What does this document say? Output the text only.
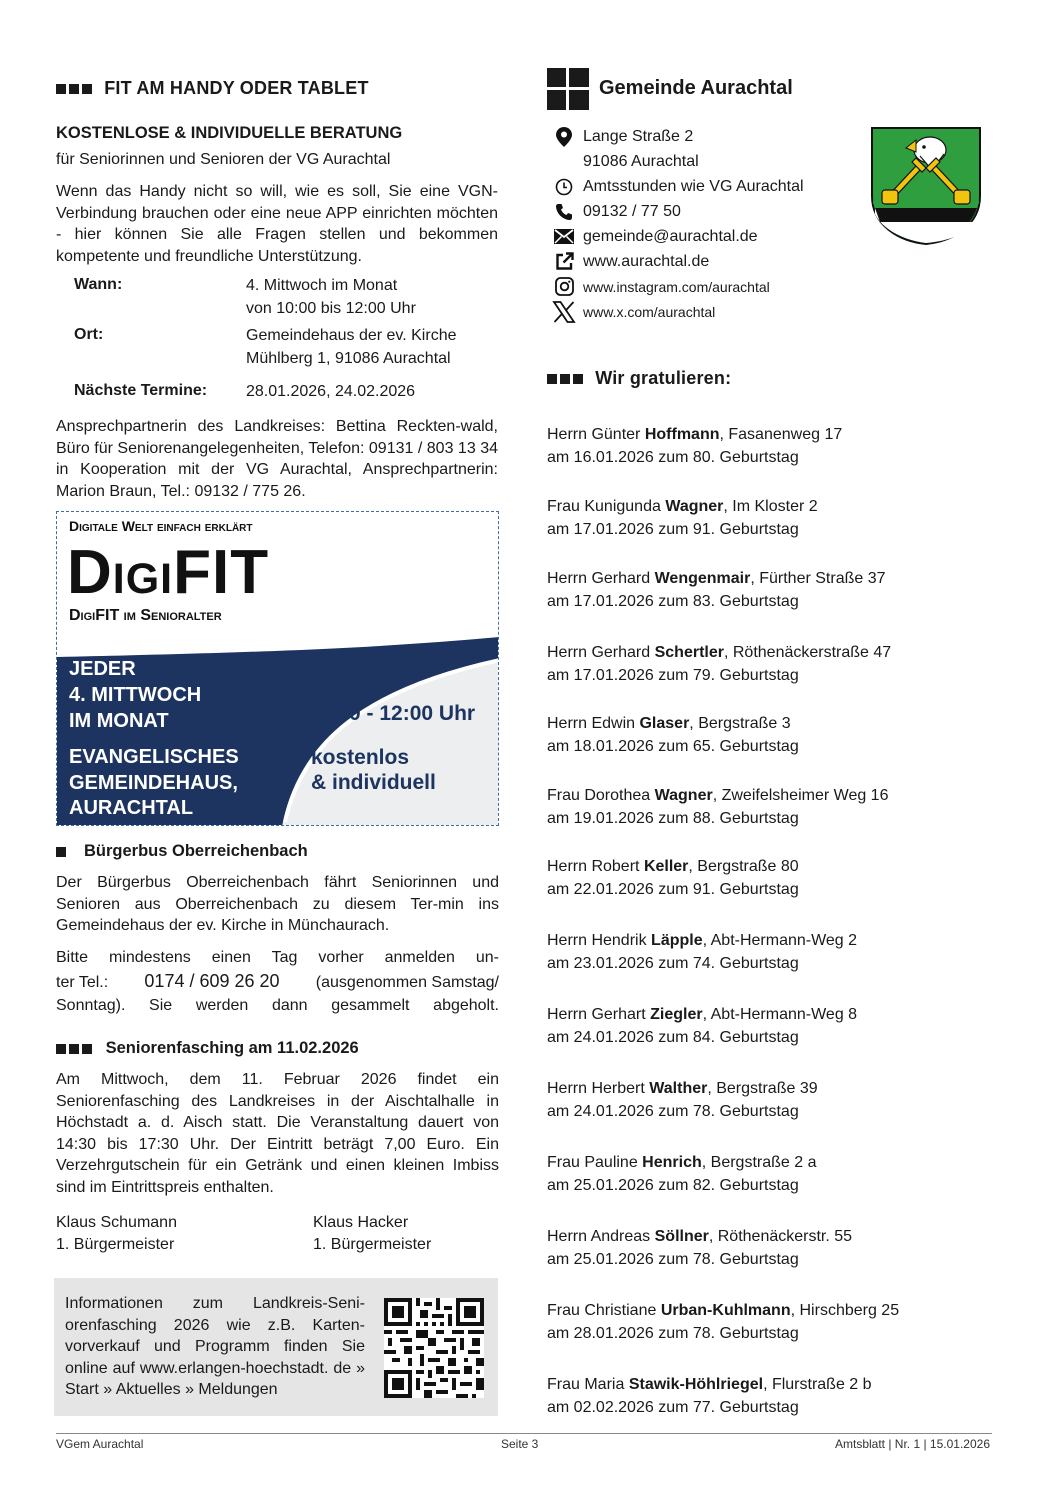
FIT AM HANDY ODER TABLET
KOSTENLOSE & INDIVIDUELLE BERATUNG
für Seniorinnen und Senioren der VG Aurachtal
Wenn das Handy nicht so will, wie es soll, Sie eine VGN-Verbindung brauchen oder eine neue APP einrichten möchten - hier können Sie alle Fragen stellen und bekommen kompetente und freundliche Unterstützung.
Wann:	4. Mittwoch im Monat
von 10:00 bis 12:00 Uhr
Ort:	Gemeindehaus der ev. Kirche
Mühlberg 1, 91086 Aurachtal
Nächste Termine: 28.01.2026, 24.02.2026
Ansprechpartnerin des Landkreises: Bettina Reckten-wald, Büro für Seniorenangelegenheiten, Telefon: 09131 / 803 13 34 in Kooperation mit der VG Aurachtal, Ansprechpartnerin: Marion Braun, Tel.: 09132 / 775 26.
Digitale Welt einfach erklärt
DigiFIT
DigiFIT im Senioralter
JEDER
4. MITTWOCH
IM MONAT
EVANGELISCHES
GEMEINDEHAUS,
AURACHTAL
10:00 - 12:00 Uhr
kostenlos
& individuell
Bürgerbus Oberreichenbach
Der Bürgerbus Oberreichenbach fährt Seniorinnen und Senioren aus Oberreichenbach zu diesem Ter-min ins Gemeindehaus der ev. Kirche in Münchaurach.
Bitte mindestens einen Tag vorher anmelden un-
ter Tel.: 0174 / 609 26 20 (ausgenommen Samstag/
Sonntag). Sie werden dann gesammelt abgeholt.
Seniorenfasching am 11.02.2026
Am Mittwoch, dem 11. Februar 2026 findet ein Seniorenfasching des Landkreises in der Aischtalhalle in Höchstadt a. d. Aisch statt. Die Veranstaltung dauert von 14:30 bis 17:30 Uhr. Der Eintritt beträgt 7,00 Euro. Ein Verzehrgutschein für ein Getränk und einen kleinen Imbiss sind im Eintrittspreis enthalten.
Klaus Schumann
1. Bürgermeister
Klaus Hacker
1. Bürgermeister
Informationen zum Landkreis-Seni-orenfasching 2026 wie z.B. Karten-vorverkauf und Programm finden Sie online auf www.erlangen-hoechstadt. de » Start » Aktuelles » Meldungen
Gemeinde Aurachtal
Lange Straße 2
91086 Aurachtal
Amtsstunden wie VG Aurachtal
09132 / 77 50
gemeinde@aurachtal.de
www.aurachtal.de
www.instagram.com/aurachtal
www.x.com/aurachtal
Wir gratulieren:
Herrn Günter Hoffmann, Fasanenweg 17
am 16.01.2026 zum 80. Geburtstag
Frau Kunigunda Wagner, Im Kloster 2
am 17.01.2026 zum 91. Geburtstag
Herrn Gerhard Wengenmair, Fürther Straße 37
am 17.01.2026 zum 83. Geburtstag
Herrn Gerhard Schertler, Röthenäckerstraße 47
am 17.01.2026 zum 79. Geburtstag
Herrn Edwin Glaser, Bergstraße 3
am 18.01.2026 zum 65. Geburtstag
Frau Dorothea Wagner, Zweifelsheimer Weg 16
am 19.01.2026 zum 88. Geburtstag
Herrn Robert Keller, Bergstraße 80
am 22.01.2026 zum 91. Geburtstag
Herrn Hendrik Läpple, Abt-Hermann-Weg 2
am 23.01.2026 zum 74. Geburtstag
Herrn Gerhart Ziegler, Abt-Hermann-Weg 8
am 24.01.2026 zum 84. Geburtstag
Herrn Herbert Walther, Bergstraße 39
am 24.01.2026 zum 78. Geburtstag
Frau Pauline Henrich, Bergstraße 2 a
am 25.01.2026 zum 82. Geburtstag
Herrn Andreas Söllner, Röthenäckerstr. 55
am 25.01.2026 zum 78. Geburtstag
Frau Christiane Urban-Kuhlmann, Hirschberg 25
am 28.01.2026 zum 78. Geburtstag
Frau Maria Stawik-Höhlriegel, Flurstraße 2 b
am 02.02.2026 zum 77. Geburtstag
VGem Aurachtal	Seite 3	Amtsblatt | Nr. 1 | 15.01.2026
